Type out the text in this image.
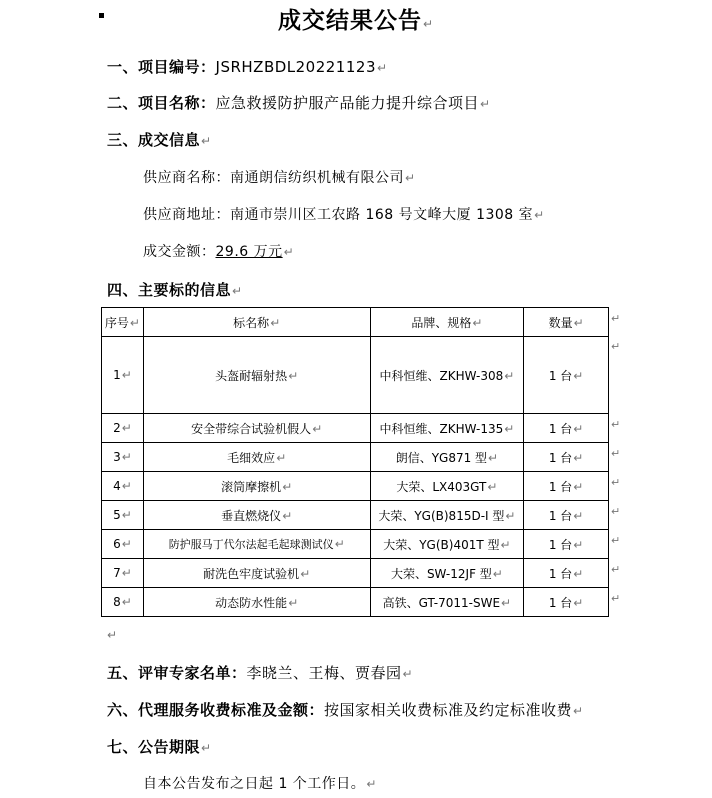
成交结果公告↵
一、项目编号：JSRHZBDL20221123↵
二、项目名称：应急救援防护服产品能力提升综合项目↵
三、成交信息↵
供应商名称：南通朗信纺织机械有限公司↵
供应商地址：南通市崇川区工农路 168 号文峰大厦 1308 室↵
成交金额：29.6 万元↵
四、主要标的信息↵
序号↵	标名称↵	品牌、规格↵	数量↵
1↵	头盔耐辐射热↵	中科恒维、ZKHW-308↵	1 台↵
2↵	安全带综合试验机假人↵	中科恒维、ZKHW-135↵	1 台↵
3↵	毛细效应↵	朗信、YG871 型↵	1 台↵
4↵	滚筒摩擦机↵	大荣、LX403GT↵	1 台↵
5↵	垂直燃烧仪↵	大荣、YG(B)815D-I 型↵	1 台↵
6↵	防护服马丁代尔法起毛起球测试仪↵	大荣、YG(B)401T 型↵	1 台↵
7↵	耐洗色牢度试验机↵	大荣、SW-12JF 型↵	1 台↵
8↵	动态防水性能↵	高铁、GT-7011-SWE↵	1 台↵
↵
↵
↵
↵
↵
↵
↵
↵
↵
↵
五、评审专家名单：李晓兰、王梅、贾春园↵
六、代理服务收费标准及金额：按国家相关收费标准及约定标准收费↵
七、公告期限↵
自本公告发布之日起 1 个工作日。↵
